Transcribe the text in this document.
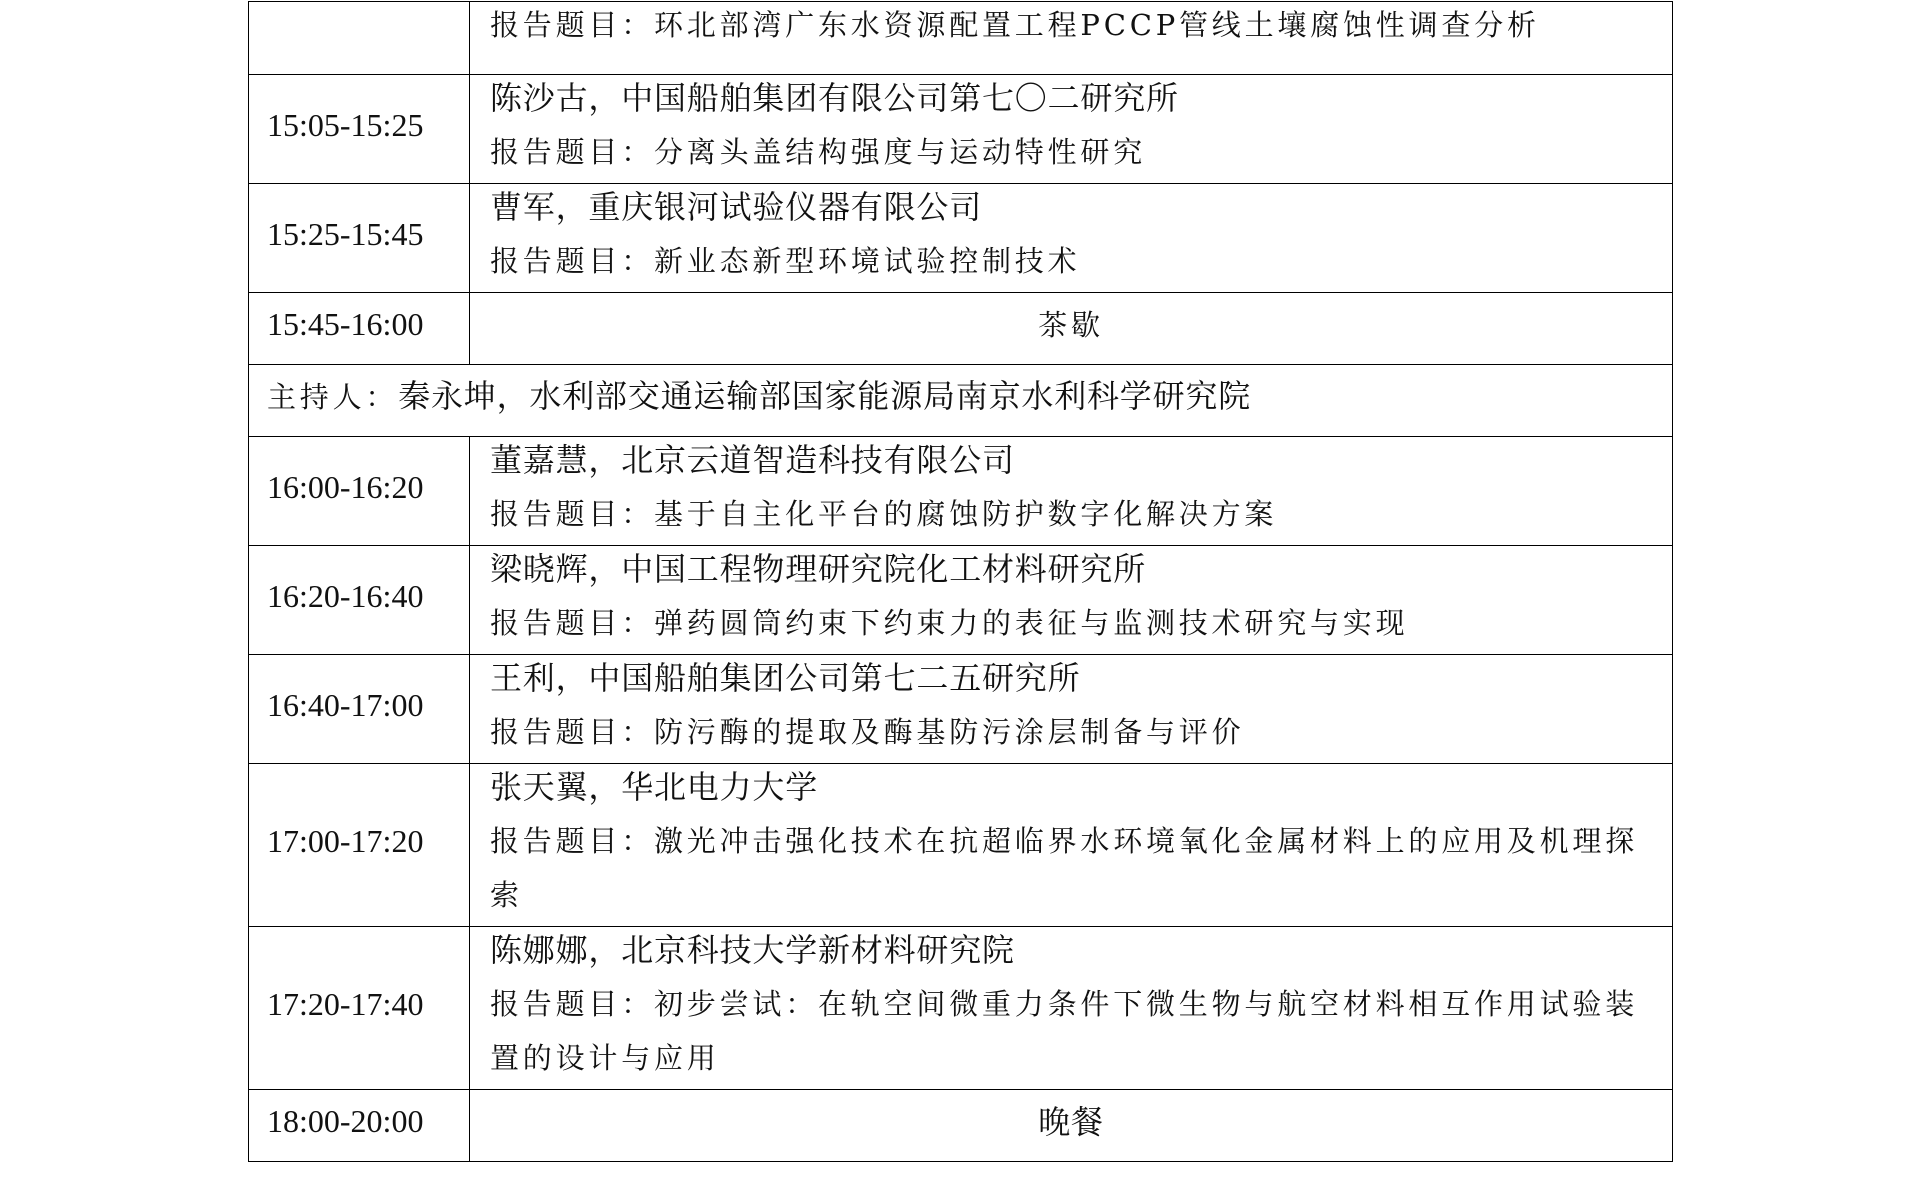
	报告题目：环北部湾广东水资源配置工程PCCP管线土壤腐蚀性调查分析

15:05-15:25	陈沙古，中国船舶集团有限公司第七〇二研究所
报告题目：分离头盖结构强度与运动特性研究

15:25-15:45	曹军，重庆银河试验仪器有限公司
报告题目：新业态新型环境试验控制技术

15:45-16:00	茶歇

主持人：秦永坤，水利部交通运输部国家能源局南京水利科学研究院	

16:00-16:20	董嘉慧，北京云道智造科技有限公司
报告题目：基于自主化平台的腐蚀防护数字化解决方案

16:20-16:40	梁晓辉，中国工程物理研究院化工材料研究所
报告题目：弹药圆筒约束下约束力的表征与监测技术研究与实现

16:40-17:00	王利，中国船舶集团公司第七二五研究所
报告题目：防污酶的提取及酶基防污涂层制备与评价

17:00-17:20	张天翼，华北电力大学
报告题目：激光冲击强化技术在抗超临界水环境氧化金属材料上的应用及机理探索

17:20-17:40	陈娜娜，北京科技大学新材料研究院
报告题目：初步尝试：在轨空间微重力条件下微生物与航空材料相互作用试验装置的设计与应用

18:00-20:00	晚餐
